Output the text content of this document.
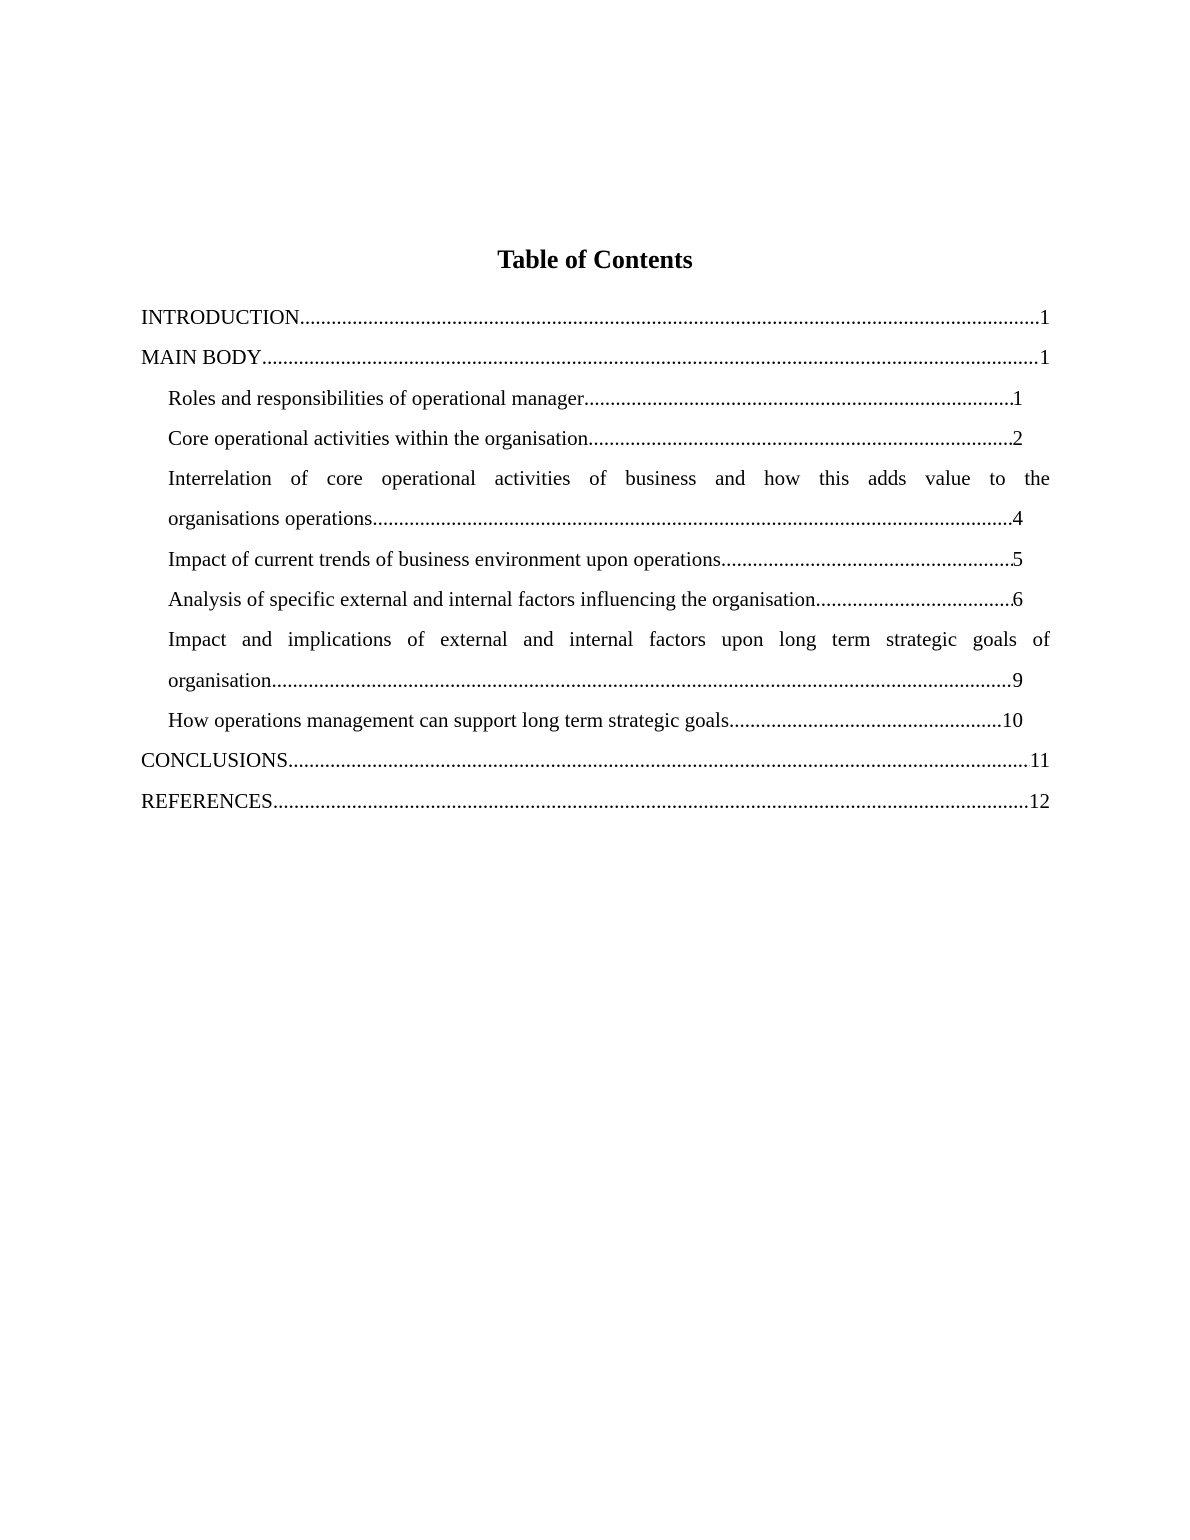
Table of Contents
INTRODUCTION .....	1
MAIN BODY .....	1
Roles and responsibilities of operational manager .....	1
Core operational activities within the organisation .....	2
Interrelation of core operational activities of business and how this adds value to the
organisations operations .....	4
Impact of current trends of business environment upon operations .....	5
Analysis of specific external and internal factors influencing the organisation .....	6
Impact and implications of external and internal factors upon long term strategic goals of
organisation .....	9
How operations management can support long term strategic goals .....	10
CONCLUSIONS .....	11
REFERENCES .....	12
